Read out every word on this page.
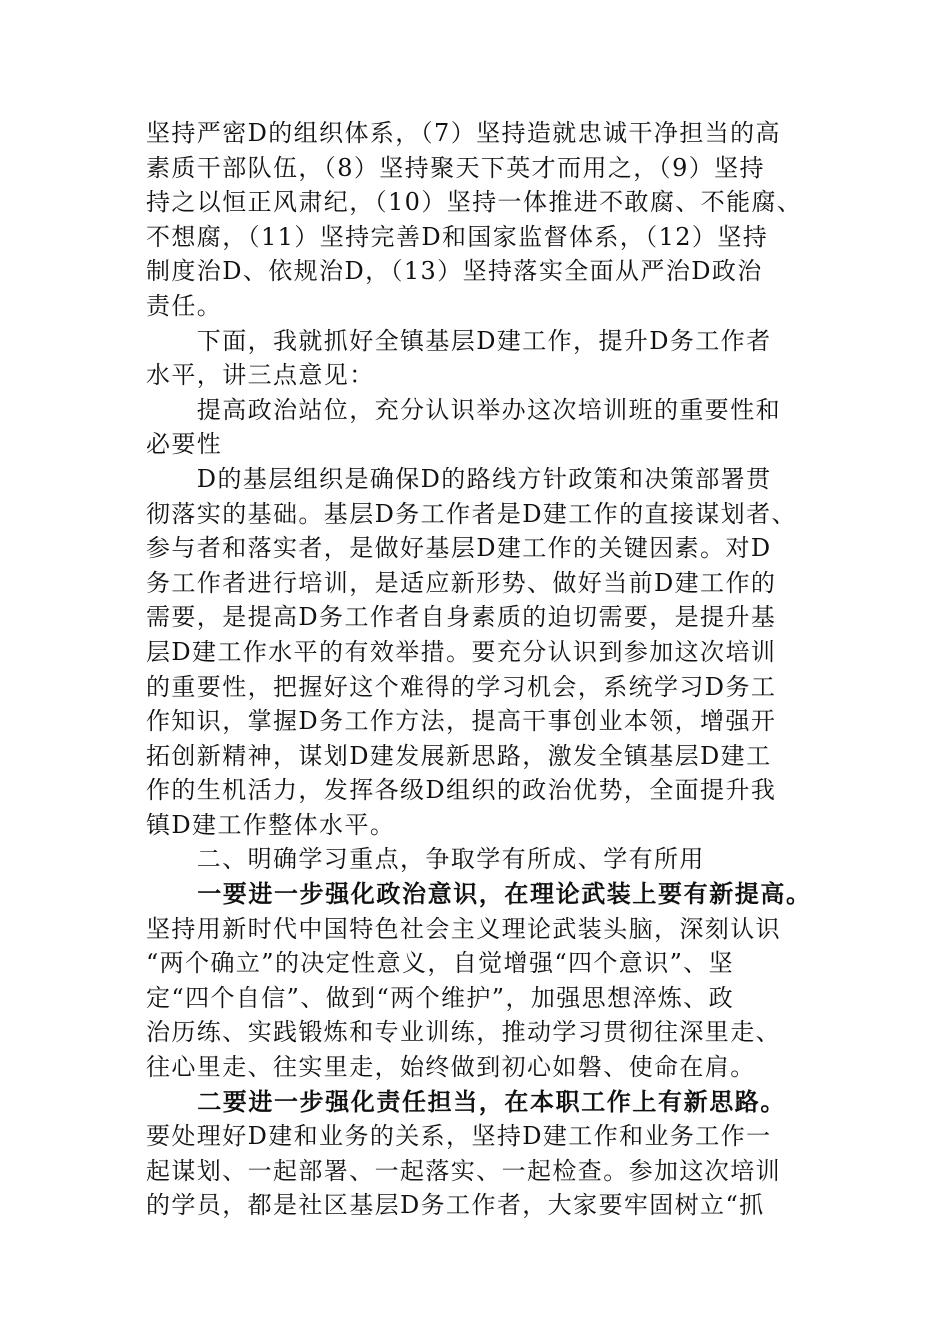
坚持严密D的组织体系，（7）坚持造就忠诚干净担当的高
素质干部队伍，（8）坚持聚天下英才而用之，（9）坚持
持之以恒正风肃纪，（10）坚持一体推进不敢腐、不能腐、
不想腐，（11）坚持完善D和国家监督体系，（12）坚持
制度治D、依规治D，（13）坚持落实全面从严治D政治
责任。
　　下面，我就抓好全镇基层D建工作，提升D务工作者
水平，讲三点意见：
　　提高政治站位，充分认识举办这次培训班的重要性和
必要性
　　D的基层组织是确保D的路线方针政策和决策部署贯
彻落实的基础。基层D务工作者是D建工作的直接谋划者、
参与者和落实者，是做好基层D建工作的关键因素。对D
务工作者进行培训，是适应新形势、做好当前D建工作的
需要，是提高D务工作者自身素质的迫切需要，是提升基
层D建工作水平的有效举措。要充分认识到参加这次培训
的重要性，把握好这个难得的学习机会，系统学习D务工
作知识，掌握D务工作方法，提高干事创业本领，增强开
拓创新精神，谋划D建发展新思路，激发全镇基层D建工
作的生机活力，发挥各级D组织的政治优势，全面提升我
镇D建工作整体水平。
　　二、明确学习重点，争取学有所成、学有所用
　　一要进一步强化政治意识，在理论武装上要有新提高。
坚持用新时代中国特色社会主义理论武装头脑，深刻认识
“两个确立”的决定性意义，自觉增强“四个意识”、坚
定“四个自信”、做到“两个维护”，加强思想淬炼、政
治历练、实践锻炼和专业训练，推动学习贯彻往深里走、
往心里走、往实里走，始终做到初心如磐、使命在肩。
　　二要进一步强化责任担当，在本职工作上有新思路。
要处理好D建和业务的关系，坚持D建工作和业务工作一
起谋划、一起部署、一起落实、一起检查。参加这次培训
的学员，都是社区基层D务工作者，大家要牢固树立“抓
